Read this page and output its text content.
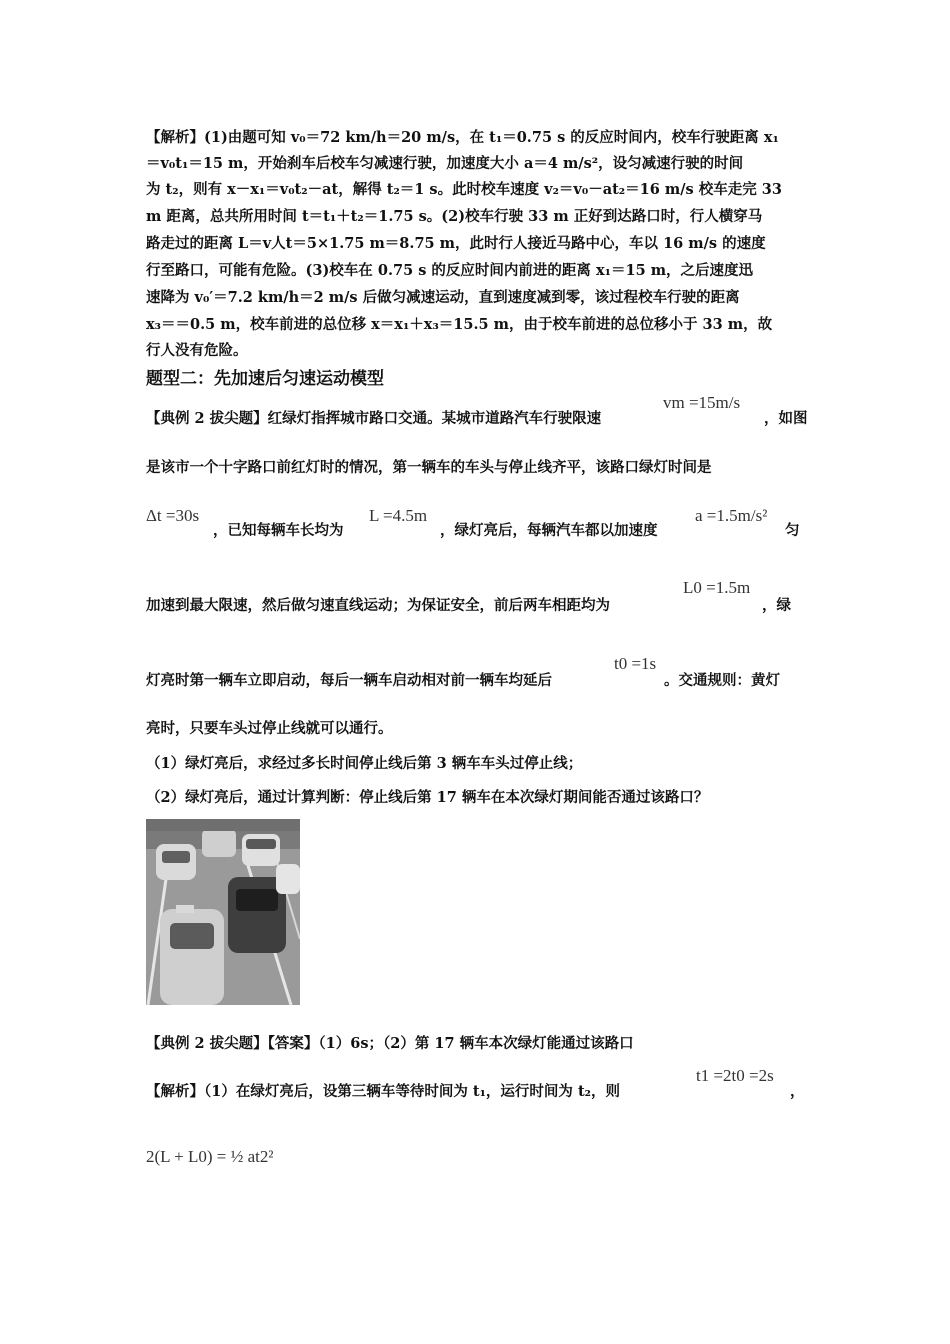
【解析】(1)由题可知 v₀＝72 km/h＝20 m/s，在 t₁＝0.75 s 的反应时间内，校车行驶距离 x₁
＝v₀t₁＝15 m，开始刹车后校车匀减速行驶，加速度大小 a＝4 m/s²，设匀减速行驶的时间
为 t₂，则有 x－x₁＝v₀t₂－at，解得 t₂＝1 s。此时校车速度 v₂＝v₀－at₂＝16 m/s 校车走完 33
m 距离，总共所用时间 t＝t₁＋t₂＝1.75 s。(2)校车行驶 33 m 正好到达路口时，行人横穿马
路走过的距离 L＝v人t＝5×1.75 m＝8.75 m，此时行人接近马路中心，车以 16 m/s 的速度
行至路口，可能有危险。(3)校车在 0.75 s 的反应时间内前进的距离 x₁＝15 m，之后速度迅
速降为 v₀′＝7.2 km/h＝2 m/s 后做匀减速运动，直到速度减到零，该过程校车行驶的距离
x₃＝＝0.5 m，校车前进的总位移 x＝x₁＋x₃＝15.5 m，由于校车前进的总位移小于 33 m，故
行人没有危险。
题型二：先加速后匀速运动模型
【典例 2 拔尖题】红绿灯指挥城市路口交通。某城市道路汽车行驶限速
vm =15m/s
，如图
是该市一个十字路口前红灯时的情况，第一辆车的车头与停止线齐平，该路口绿灯时间是
Δt =30s
，已知每辆车长均为
L =4.5m
，绿灯亮后，每辆汽车都以加速度
a =1.5m/s²
匀
加速到最大限速，然后做匀速直线运动；为保证安全，前后两车相距均为
L0 =1.5m
，绿
灯亮时第一辆车立即启动，每后一辆车启动相对前一辆车均延后
t0 =1s
。交通规则：黄灯
亮时，只要车头过停止线就可以通行。
（1）绿灯亮后，求经过多长时间停止线后第 3 辆车车头过停止线；
（2）绿灯亮后，通过计算判断：停止线后第 17 辆车在本次绿灯期间能否通过该路口？
【典例 2 拔尖题】【答案】（1）6s；（2）第 17 辆车本次绿灯能通过该路口
【解析】（1）在绿灯亮后，设第三辆车等待时间为 t₁，运行时间为 t₂，则
t1 =2t0 =2s
，
2(L + L0) = ½ at2²
